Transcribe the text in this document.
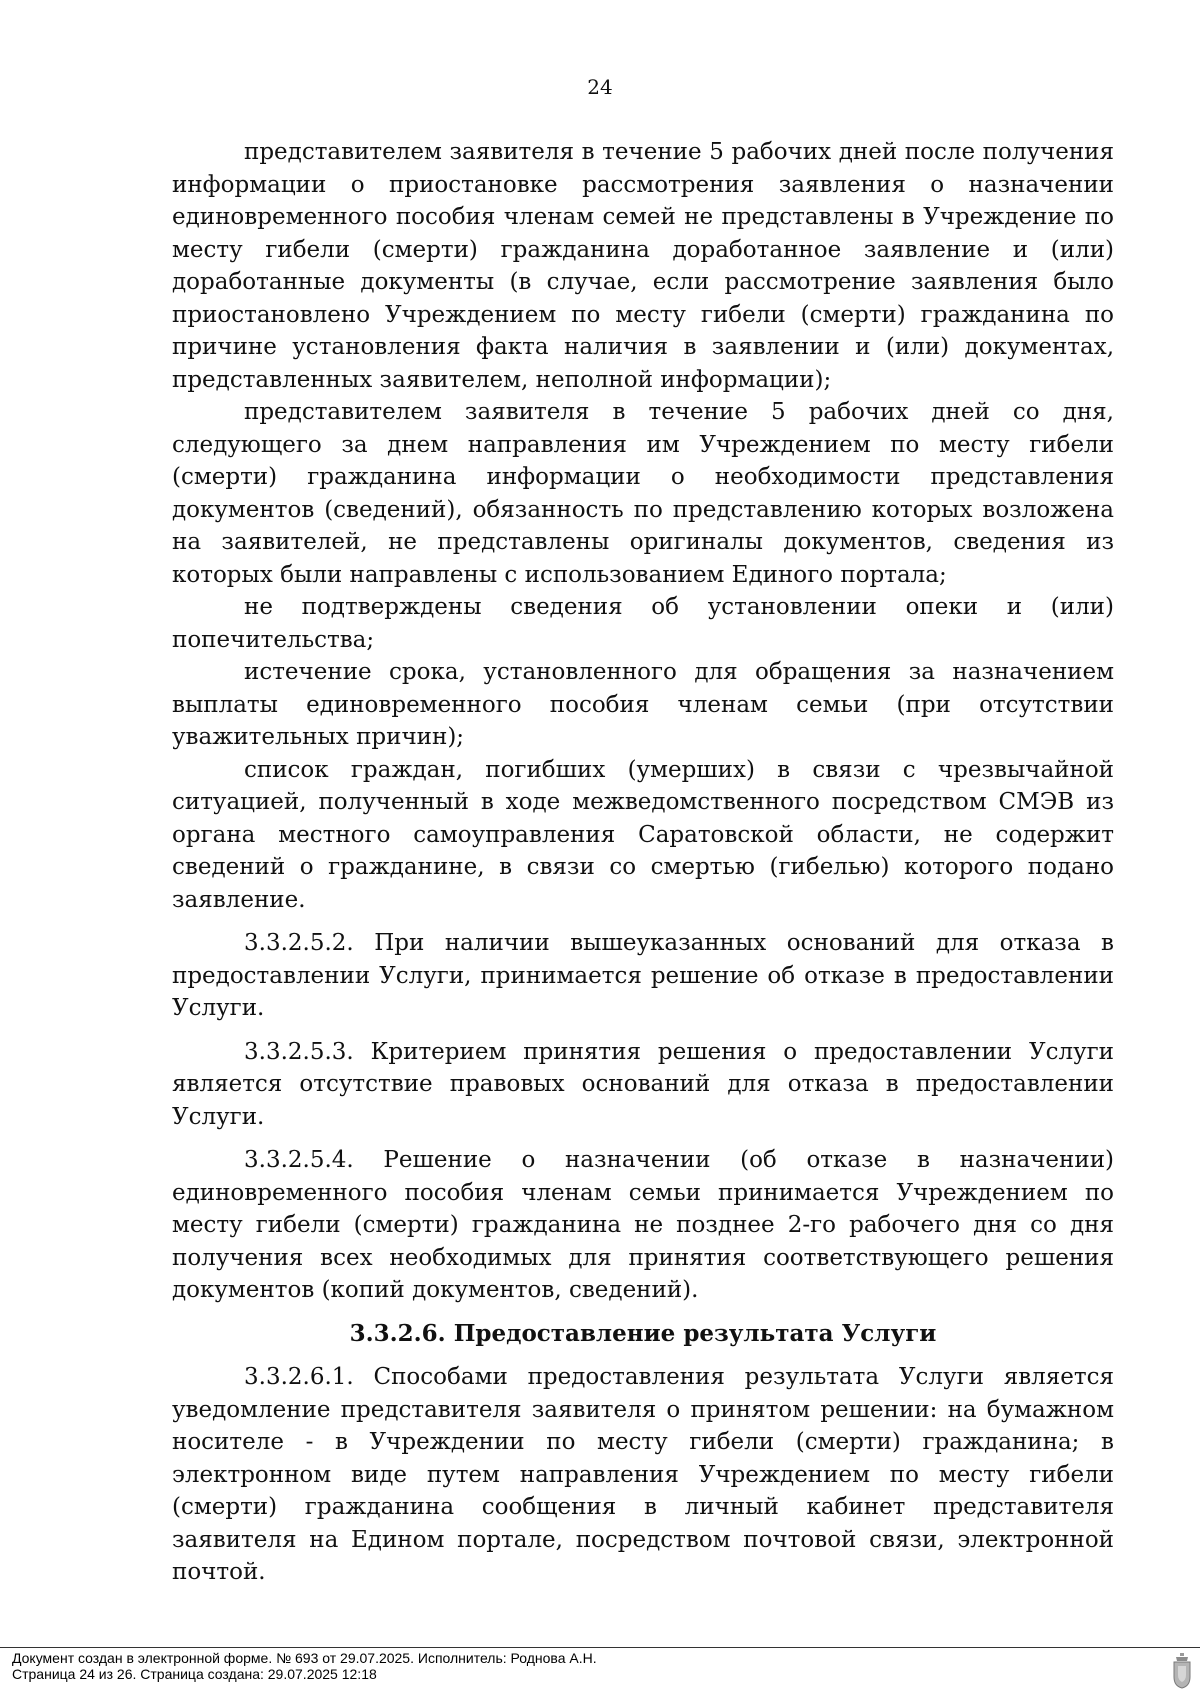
24

представителем заявителя в течение 5 рабочих дней после получения информации о приостановке рассмотрения заявления о назначении единовременного пособия членам семей не представлены в Учреждение по месту гибели (смерти) гражданина доработанное заявление и (или) доработанные документы (в случае, если рассмотрение заявления было приостановлено Учреждением по месту гибели (смерти) гражданина по причине установления факта наличия в заявлении и (или) документах, представленных заявителем, неполной информации);

представителем заявителя в течение 5 рабочих дней со дня, следующего за днем направления им Учреждением по месту гибели (смерти) гражданина информации о необходимости представления документов (сведений), обязанность по представлению которых возложена на заявителей, не представлены оригиналы документов, сведения из которых были направлены с использованием Единого портала;

не подтверждены сведения об установлении опеки и (или) попечительства;

истечение срока, установленного для обращения за назначением выплаты единовременного пособия членам семьи (при отсутствии уважительных причин);

список граждан, погибших (умерших) в связи с чрезвычайной ситуацией, полученный в ходе межведомственного посредством СМЭВ из органа местного самоуправления Саратовской области, не содержит сведений о гражданине, в связи со смертью (гибелью) которого подано заявление.

3.3.2.5.2. При наличии вышеуказанных оснований для отказа в предоставлении Услуги, принимается решение об отказе в предоставлении Услуги.

3.3.2.5.3. Критерием принятия решения о предоставлении Услуги является отсутствие правовых оснований для отказа в предоставлении Услуги.

3.3.2.5.4. Решение о назначении (об отказе в назначении) единовременного пособия членам семьи принимается Учреждением по месту гибели (смерти) гражданина не позднее 2-го рабочего дня со дня получения всех необходимых для принятия соответствующего решения документов (копий документов, сведений).

3.3.2.6. Предоставление результата Услуги

3.3.2.6.1. Способами предоставления результата Услуги является уведомление представителя заявителя о принятом решении: на бумажном носителе - в Учреждении по месту гибели (смерти) гражданина; в электронном виде путем направления Учреждением по месту гибели (смерти) гражданина сообщения в личный кабинет представителя заявителя на Едином портале, посредством почтовой связи, электронной почтой.

Документ создан в электронной форме. № 693 от 29.07.2025. Исполнитель: Роднова А.Н.
Страница 24 из 26. Страница создана: 29.07.2025 12:18
